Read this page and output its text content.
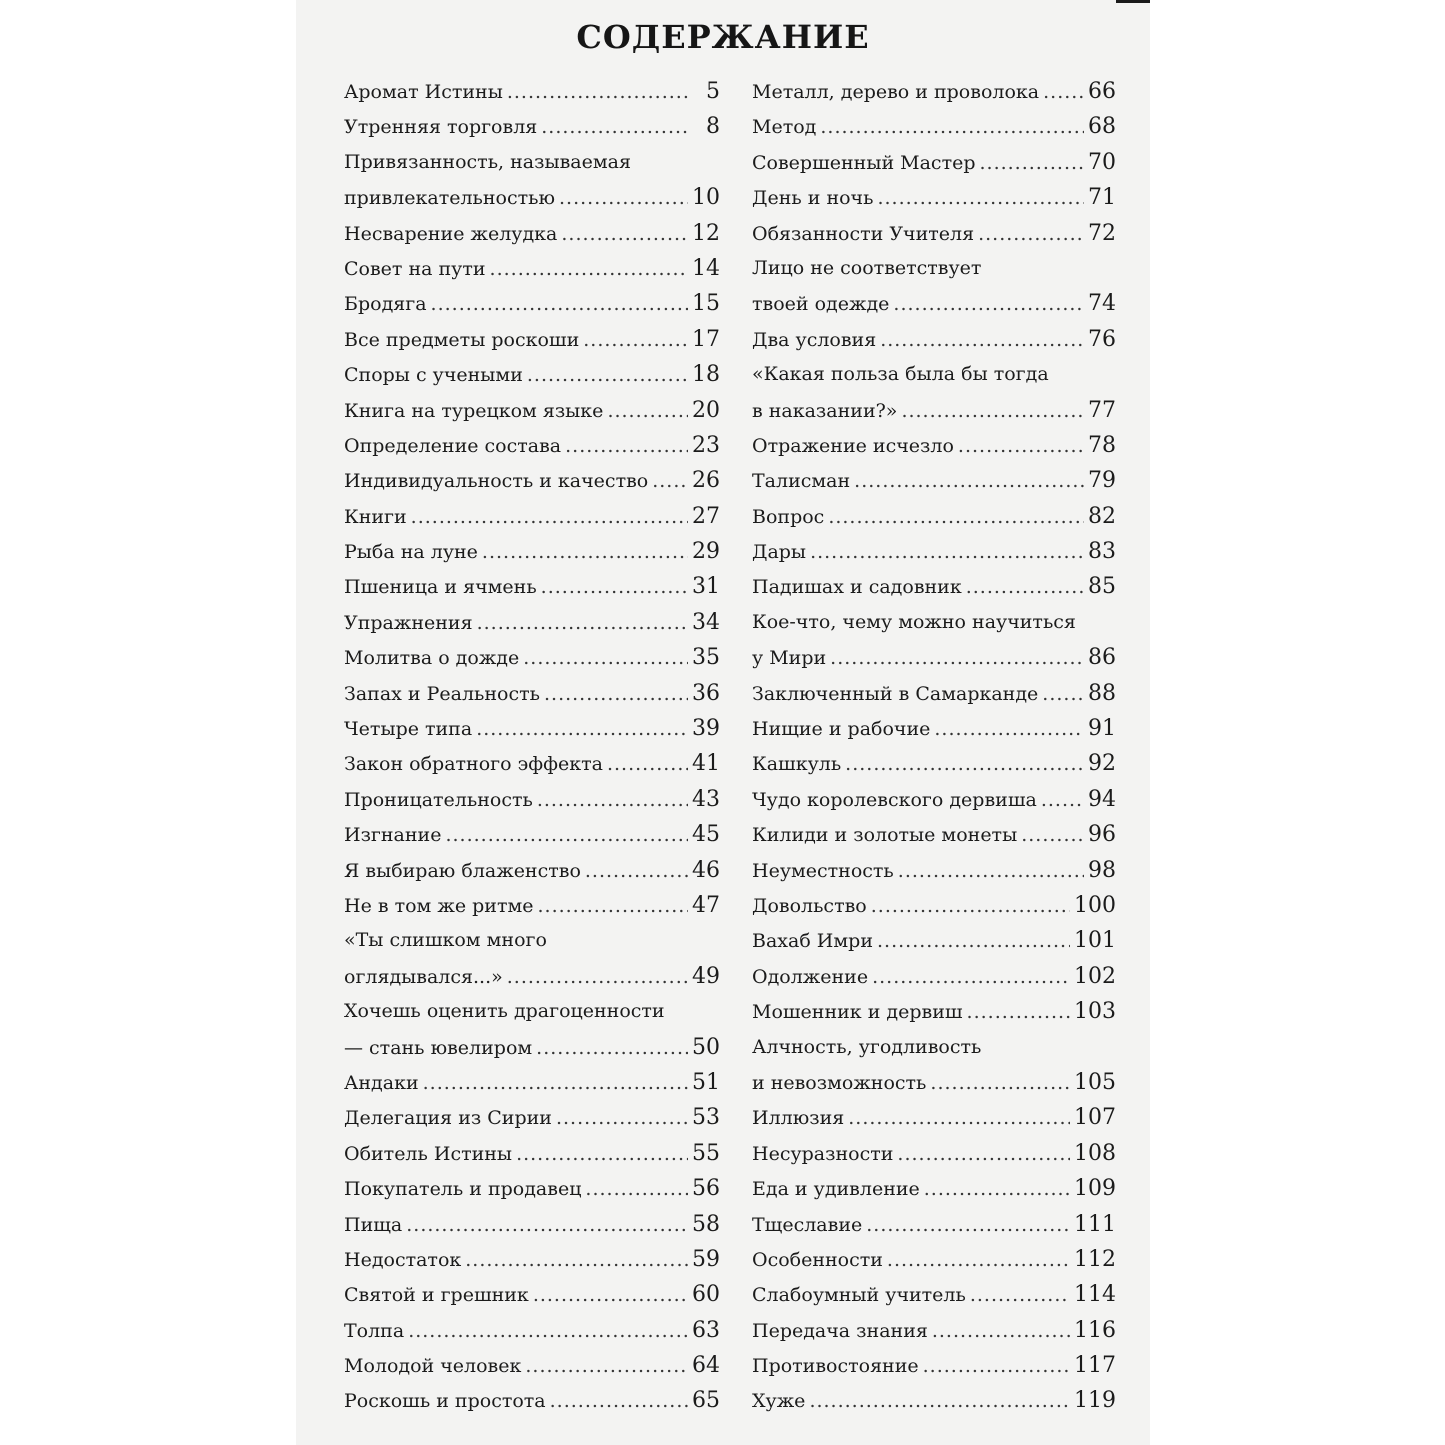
СОДЕРЖАНИЕ
Аромат Истины .....	5
Утренняя торговля .....	8
Привязанность, называемая
привлекательностью .....	10
Несварение желудка .....	12
Совет на пути .....	14
Бродяга .....	15
Все предметы роскоши .....	17
Споры с учеными .....	18
Книга на турецком языке .....	20
Определение состава .....	23
Индивидуальность и качество ..... 26
Книги .....	27
Рыба на луне .....	29
Пшеница и ячмень .....	31
Упражнения .....	34
Молитва о дожде .....	35
Запах и Реальность .....	36
Четыре типа .....	39
Закон обратного эффекта .....	41
Проницательность .....	43
Изгнание .....	45
Я выбираю блаженство .....	46
Не в том же ритме .....	47
«Ты слишком много
оглядывался...» .....	49
Хочешь оценить драгоценности
— стань ювелиром .....	50
Андаки .....	51
Делегация из Сирии .....	53
Обитель Истины .....	55
Покупатель и продавец .....	56
Пища .....	58
Недостаток .....	59
Святой и грешник .....	60
Толпа .....	63
Молодой человек .....	64
Роскошь и простота .....	65
Металл, дерево и проволока ..... 66
Метод .....	68
Совершенный Мастер .....	70
День и ночь .....	71
Обязанности Учителя .....	72
Лицо не соответствует
твоей одежде .....	74
Два условия .....	76
«Какая польза была бы тогда
в наказании?» .....	77
Отражение исчезло .....	78
Талисман .....	79
Вопрос .....	82
Дары .....	83
Падишах и садовник .....	85
Кое-что, чему можно научиться
у Мири .....	86
Заключенный в Самарканде ..... 88
Нищие и рабочие .....	91
Кашкуль .....	92
Чудо королевского дервиша ..... 94
Килиди и золотые монеты .....	96
Неуместность .....	98
Довольство .....	100
Вахаб Имри .....	101
Одолжение .....	102
Мошенник и дервиш .....	103
Алчность, угодливость
и невозможность .....	105
Иллюзия .....	107
Несуразности .....	108
Еда и удивление .....	109
Тщеславие .....	111
Особенности .....	112
Слабоумный учитель .....	114
Передача знания .....	116
Противостояние .....	117
Хуже .....	119
